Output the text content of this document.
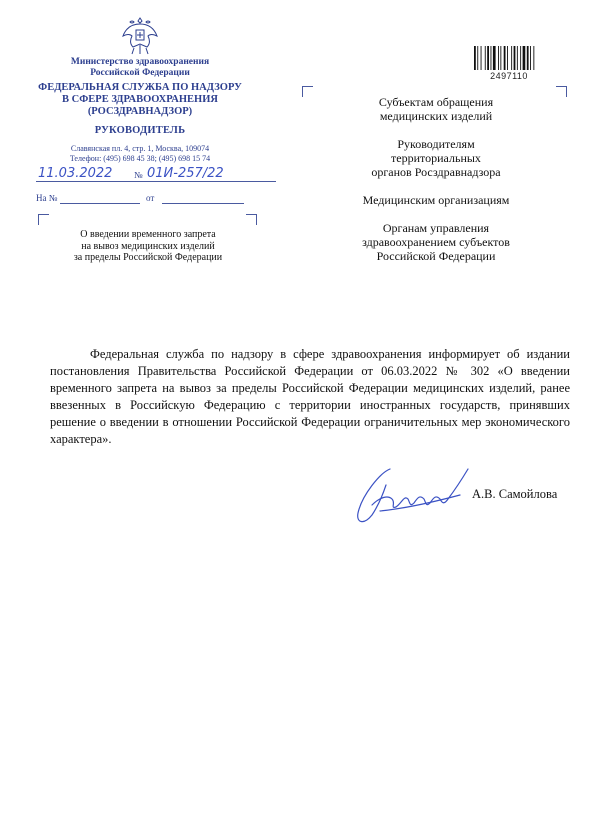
Министерство здравоохранения
Российской Федерации
ФЕДЕРАЛЬНАЯ СЛУЖБА ПО НАДЗОРУ
В СФЕРЕ ЗДРАВООХРАНЕНИЯ
(РОСЗДРАВНАДЗОР)
РУКОВОДИТЕЛЬ
Славянская пл. 4, стр. 1, Москва, 109074
Телефон: (495) 698 45 38; (495) 698 15 74
11.03.2022 № 01И-257/22
На №	от
О введении временного запрета
на вывоз медицинских изделий
за пределы Российской Федерации
2497110
Субъектам обращения
медицинских изделий
Руководителям
территориальных
органов Росздравнадзора
Медицинским организациям
Органам управления
здравоохранением субъектов
Российской Федерации
Федеральная служба по надзору в сфере здравоохранения информирует об издании постановления Правительства Российской Федерации от 06.03.2022 № 302 «О введении временного запрета на вывоз за пределы Российской Федерации медицинских изделий, ранее ввезенных в Российскую Федерацию с территории иностранных государств, принявших решение о введении в отношении Российской Федерации ограничительных мер экономического характера».
А.В. Самойлова
